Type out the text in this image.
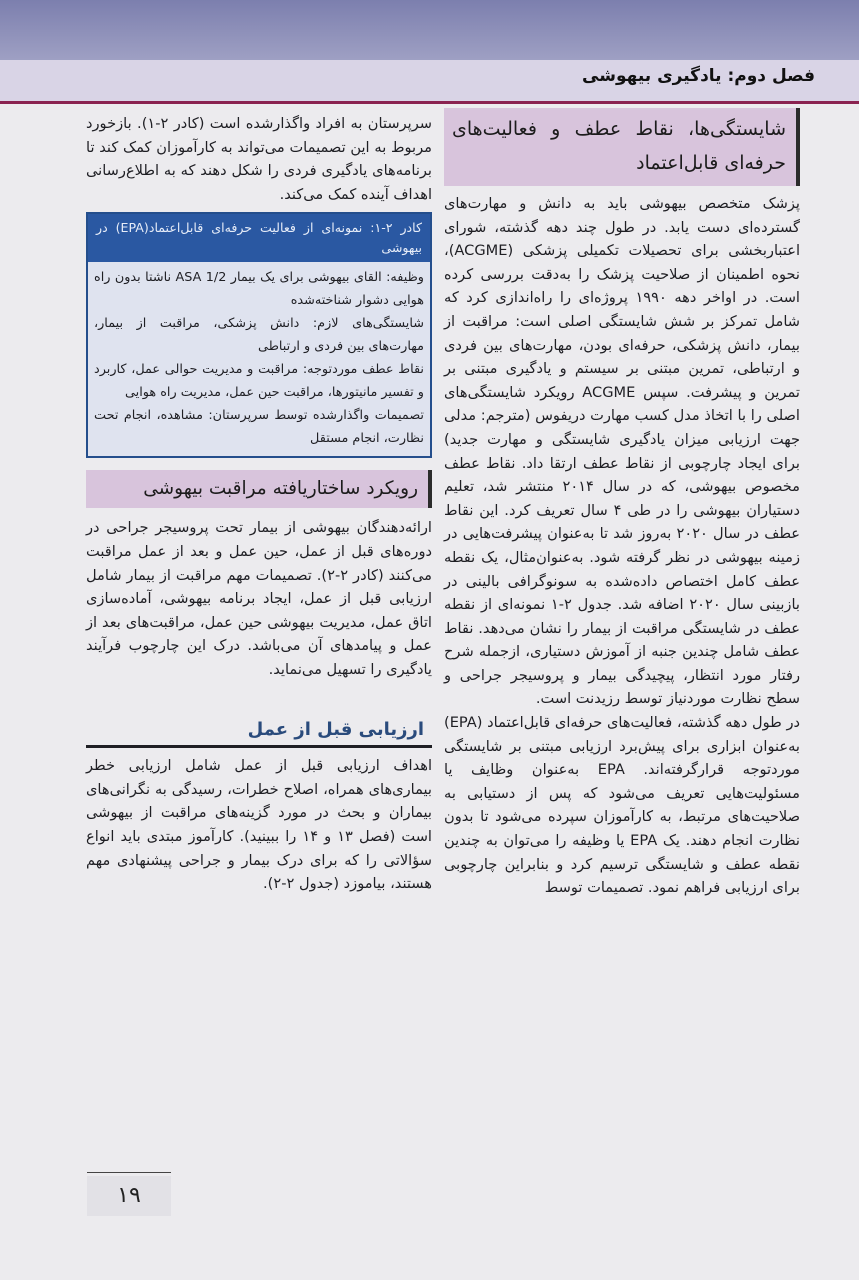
فصل دوم: یادگیری بیهوشی
شایستگی‌ها، نقاط عطف و فعالیت‌های حرفه‌ای قابل‌اعتماد

پزشک متخصص بیهوشی باید به دانش و مهارت‌های گسترده‌ای دست یابد. در طول چند دهه گذشته، شورای اعتباربخشی برای تحصیلات تکمیلی پزشکی (ACGME)، نحوه اطمینان از صلاحیت پزشک را به‌دقت بررسی کرده است. در اواخر دهه ۱۹۹۰ پروژه‌ای را راه‌اندازی کرد که شامل تمرکز بر شش شایستگی اصلی است: مراقبت از بیمار، دانش پزشکی، حرفه‌ای بودن، مهارت‌های بین فردی و ارتباطی، تمرین مبتنی بر سیستم و یادگیری مبتنی بر تمرین و پیشرفت. سپس ACGME رویکرد شایستگی‌های اصلی را با اتخاذ مدل کسب مهارت دریفوس (مترجم: مدلی جهت ارزیابی میزان یادگیری شایستگی و مهارت جدید) برای ایجاد چارچوبی از نقاط عطف ارتقا داد. نقاط عطف مخصوص بیهوشی، که در سال ۲۰۱۴ منتشر شد، تعلیم دستیاران بیهوشی را در طی ۴ سال تعریف کرد. این نقاط عطف در سال ۲۰۲۰ به‌روز شد تا به‌عنوان پیشرفت‌هایی در زمینه بیهوشی در نظر گرفته شود. به‌عنوان‌مثال، یک نقطه عطف کامل اختصاص داده‌شده به سونوگرافی بالینی در بازبینی سال ۲۰۲۰ اضافه شد. جدول ۲-۱ نمونه‌ای از نقطه عطف در شایستگی مراقبت از بیمار را نشان می‌دهد. نقاط عطف شامل چندین جنبه از آموزش دستیاری، ازجمله شرح رفتار مورد انتظار، پیچیدگی بیمار و پروسیجر جراحی و سطح نظارت موردنیاز توسط رزیدنت است.

در طول دهه گذشته، فعالیت‌های حرفه‌ای قابل‌اعتماد (EPA) به‌عنوان ابزاری برای پیش‌برد ارزیابی مبتنی بر شایستگی موردتوجه قرارگرفته‌اند. EPA به‌عنوان وظایف یا مسئولیت‌هایی تعریف می‌شود که پس از دستیابی به صلاحیت‌های مرتبط، به کارآموزان سپرده می‌شود تا بدون نظارت انجام دهند. یک EPA یا وظیفه را می‌توان به چندین نقطه عطف و شایستگی ترسیم کرد و بنابراین چارچوبی برای ارزیابی فراهم نمود. تصمیمات توسط

سرپرستان به افراد واگذارشده است (کادر ۲-۱). بازخورد مربوط به این تصمیمات می‌تواند به کارآموزان کمک کند تا برنامه‌های یادگیری فردی را شکل دهند که به اطلاع‌رسانی اهداف آینده کمک می‌کند.

کادر ۲-۱: نمونه‌ای از فعالیت حرفه‌ای قابل‌اعتماد(EPA) در بیهوشی

وظیفه: القای بیهوشی برای یک بیمار ASA 1/2 ناشتا بدون راه هوایی دشوار شناخته‌شده

شایستگی‌های لازم: دانش پزشکی، مراقبت از بیمار، مهارت‌های بین فردی و ارتباطی

نقاط عطف موردتوجه: مراقبت و مدیریت حوالی عمل، کاربرد و تفسیر مانیتورها، مراقبت حین عمل، مدیریت راه هوایی

تصمیمات واگذارشده توسط سرپرستان: مشاهده، انجام تحت نظارت، انجام مستقل

رویکرد ساختاریافته مراقبت بیهوشی

ارائه‌دهندگان بیهوشی از بیمار تحت پروسیجر جراحی در دوره‌های قبل از عمل، حین عمل و بعد از عمل مراقبت می‌کنند (کادر ۲-۲). تصمیمات مهم مراقبت از بیمار شامل ارزیابی قبل از عمل، ایجاد برنامه بیهوشی، آماده‌سازی اتاق عمل، مدیریت بیهوشی حین عمل، مراقبت‌های بعد از عمل و پیامدهای آن می‌باشد. درک این چارچوب فرآیند یادگیری را تسهیل می‌نماید.

ارزیابی قبل از عمل

اهداف ارزیابی قبل از عمل شامل ارزیابی خطر بیماری‌های همراه، اصلاح خطرات، رسیدگی به نگرانی‌های بیماران و بحث در مورد گزینه‌های مراقبت از بیهوشی است (فصل ۱۳ و ۱۴ را ببینید). کارآموز مبتدی باید انواع سؤالاتی را که برای درک بیمار و جراحی پیشنهادی مهم هستند، بیاموزد (جدول ۲-۲).

۱۹
